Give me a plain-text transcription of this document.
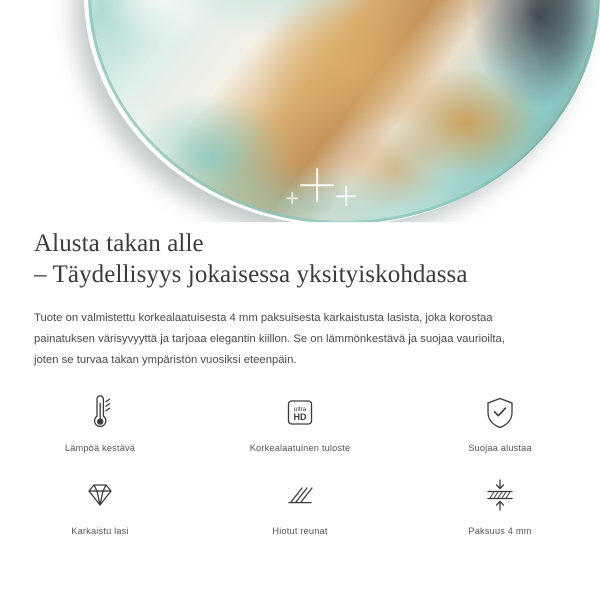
Alusta takan alle
– Täydellisyys jokaisessa yksityiskohdassa

Tuote on valmistettu korkealaatuisesta 4 mm paksuisesta karkaistusta lasista, joka korostaa painatuksen värisyvyyttä ja tarjoaa elegantin kiillon. Se on lämmönkestävä ja suojaa vaurioilta, joten se turvaa takan ympäristön vuosiksi eteenpäin.

Lämpöä kestävä
ultra
HD
Korkealaatuinen tuloste	Suojaa alustaa
Karkaistu lasi	Hiotut reunat	Paksuus 4 mm
